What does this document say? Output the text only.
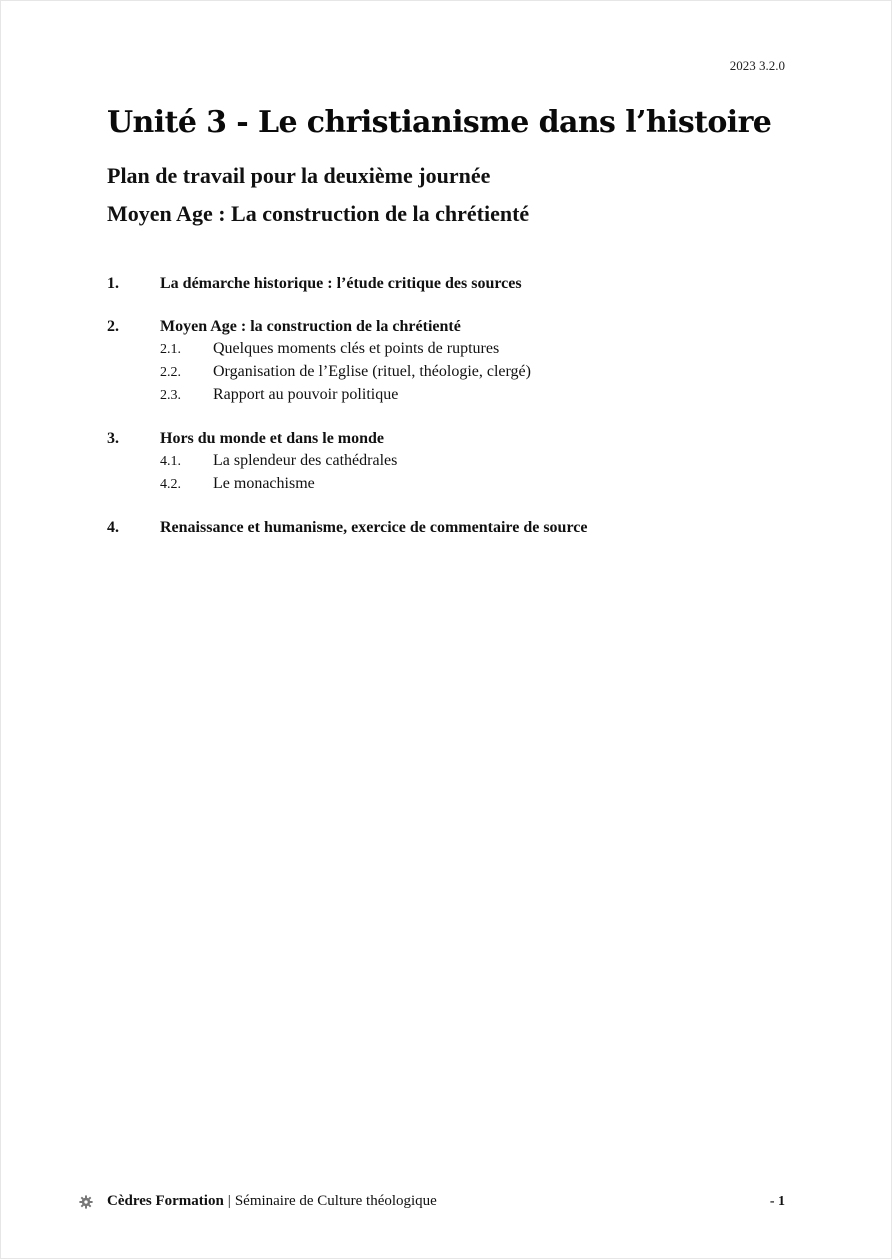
2023 3.2.0
Unité 3 - Le christianisme dans l’histoire
Plan de travail pour la deuxième journée
Moyen Age : La construction de la chrétienté
1.	La démarche historique : l’étude critique des sources
2.	Moyen Age : la construction de la chrétienté
2.1.	Quelques moments clés et points de ruptures
2.2.	Organisation de l’Eglise (rituel, théologie, clergé)
2.3.	Rapport au pouvoir politique
3.	Hors du monde et dans le monde
4.1.	La splendeur des cathédrales
4.2.	Le monachisme
4.	Renaissance et humanisme, exercice de commentaire de source
Cèdres Formation | Séminaire de Culture théologique	- 1
